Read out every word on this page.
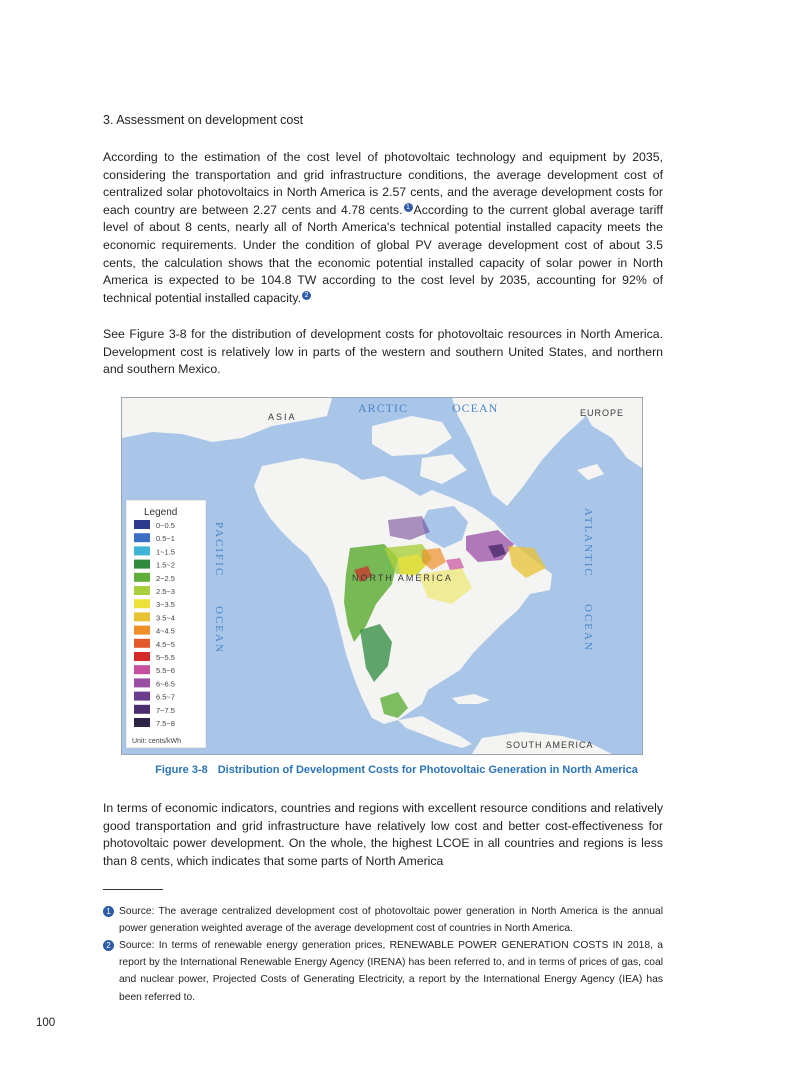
3. Assessment on development cost

According to the estimation of the cost level of photovoltaic technology and equipment by 2035, considering the transportation and grid infrastructure conditions, the average development cost of centralized solar photovoltaics in North America is 2.57 cents, and the average development costs for each country are between 2.27 cents and 4.78 cents. 1 According to the current global average tariff level of about 8 cents, nearly all of North America's technical potential installed capacity meets the economic requirements. Under the condition of global PV average development cost of about 3.5 cents, the calculation shows that the economic potential installed capacity of solar power in North America is expected to be 104.8 TW according to the cost level by 2035, accounting for 92% of technical potential installed capacity. 2

See Figure 3-8 for the distribution of development costs for photovoltaic resources in North America. Development cost is relatively low in parts of the western and southern United States, and northern and southern Mexico.

ASIA
ARCTIC	OCEAN	EUROPE
PACIFIC
OCEAN
ATLANTIC
OCEAN
NORTH AMERICA
SOUTH AMERICA
Legend
0~0.5
0.5~1
1~1.5
1.5~2
2~2.5
2.5~3
3~3.5
3.5~4
4~4.5
4.5~5
5~5.5
5.5~6
6~6.5
6.5~7
7~7.5
7.5~8
Unit: cents/kWh
Figure 3-8 Distribution of Development Costs for Photovoltaic Generation in North America

In terms of economic indicators, countries and regions with excellent resource conditions and relatively good transportation and grid infrastructure have relatively low cost and better cost-effectiveness for photovoltaic power development. On the whole, the highest LCOE in all countries and regions is less than 8 cents, which indicates that some parts of North America

1 Source: The average centralized development cost of photovoltaic power generation in North America is the annual power generation weighted average of the average development cost of countries in North America.
2 Source: In terms of renewable energy generation prices, RENEWABLE POWER GENERATION COSTS IN 2018, a report by the International Renewable Energy Agency (IRENA) has been referred to, and in terms of prices of gas, coal and nuclear power, Projected Costs of Generating Electricity, a report by the International Energy Agency (IEA) has been referred to.
100
